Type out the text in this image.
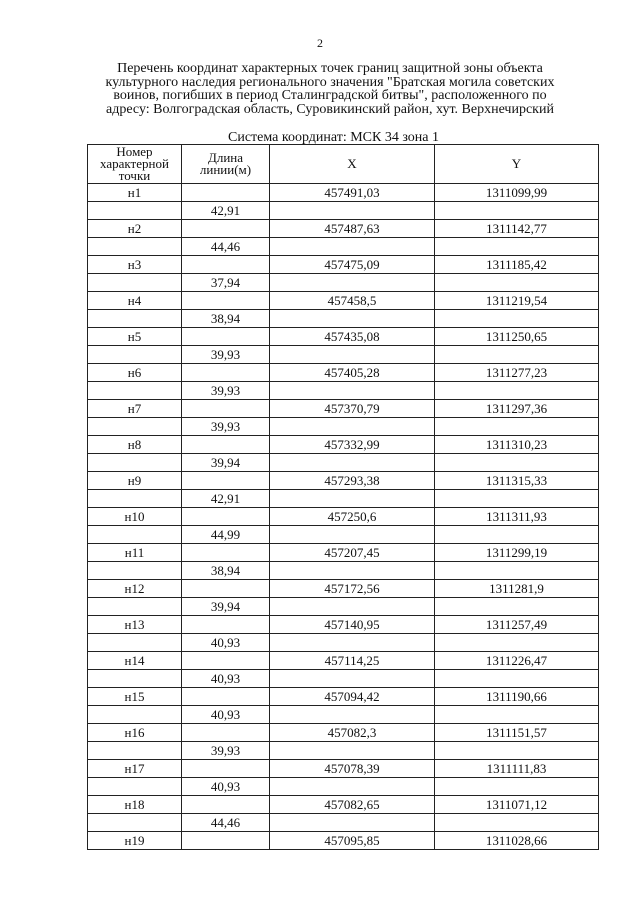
2
Перечень координат характерных точек границ защитной зоны объекта
культурного наследия регионального значения "Братская могила советских
воинов, погибших в период Сталинградской битвы", расположенного по
адресу: Волгоградская область, Суровикинский район, хут. Верхнечирский
Система координат: МСК 34 зона 1
Номер характерной точки	Длина линии(м)	X	Y
н1		457491,03	1311099,99
	42,91		
н2		457487,63	1311142,77
	44,46		
н3		457475,09	1311185,42
	37,94		
н4		457458,5	1311219,54
	38,94		
н5		457435,08	1311250,65
	39,93		
н6		457405,28	1311277,23
	39,93		
н7		457370,79	1311297,36
	39,93		
н8		457332,99	1311310,23
	39,94		
н9		457293,38	1311315,33
	42,91		
н10		457250,6	1311311,93
	44,99		
н11		457207,45	1311299,19
	38,94		
н12		457172,56	1311281,9
	39,94		
н13		457140,95	1311257,49
	40,93		
н14		457114,25	1311226,47
	40,93		
н15		457094,42	1311190,66
	40,93		
н16		457082,3	1311151,57
	39,93		
н17		457078,39	1311111,83
	40,93		
н18		457082,65	1311071,12
	44,46		
н19		457095,85	1311028,66
